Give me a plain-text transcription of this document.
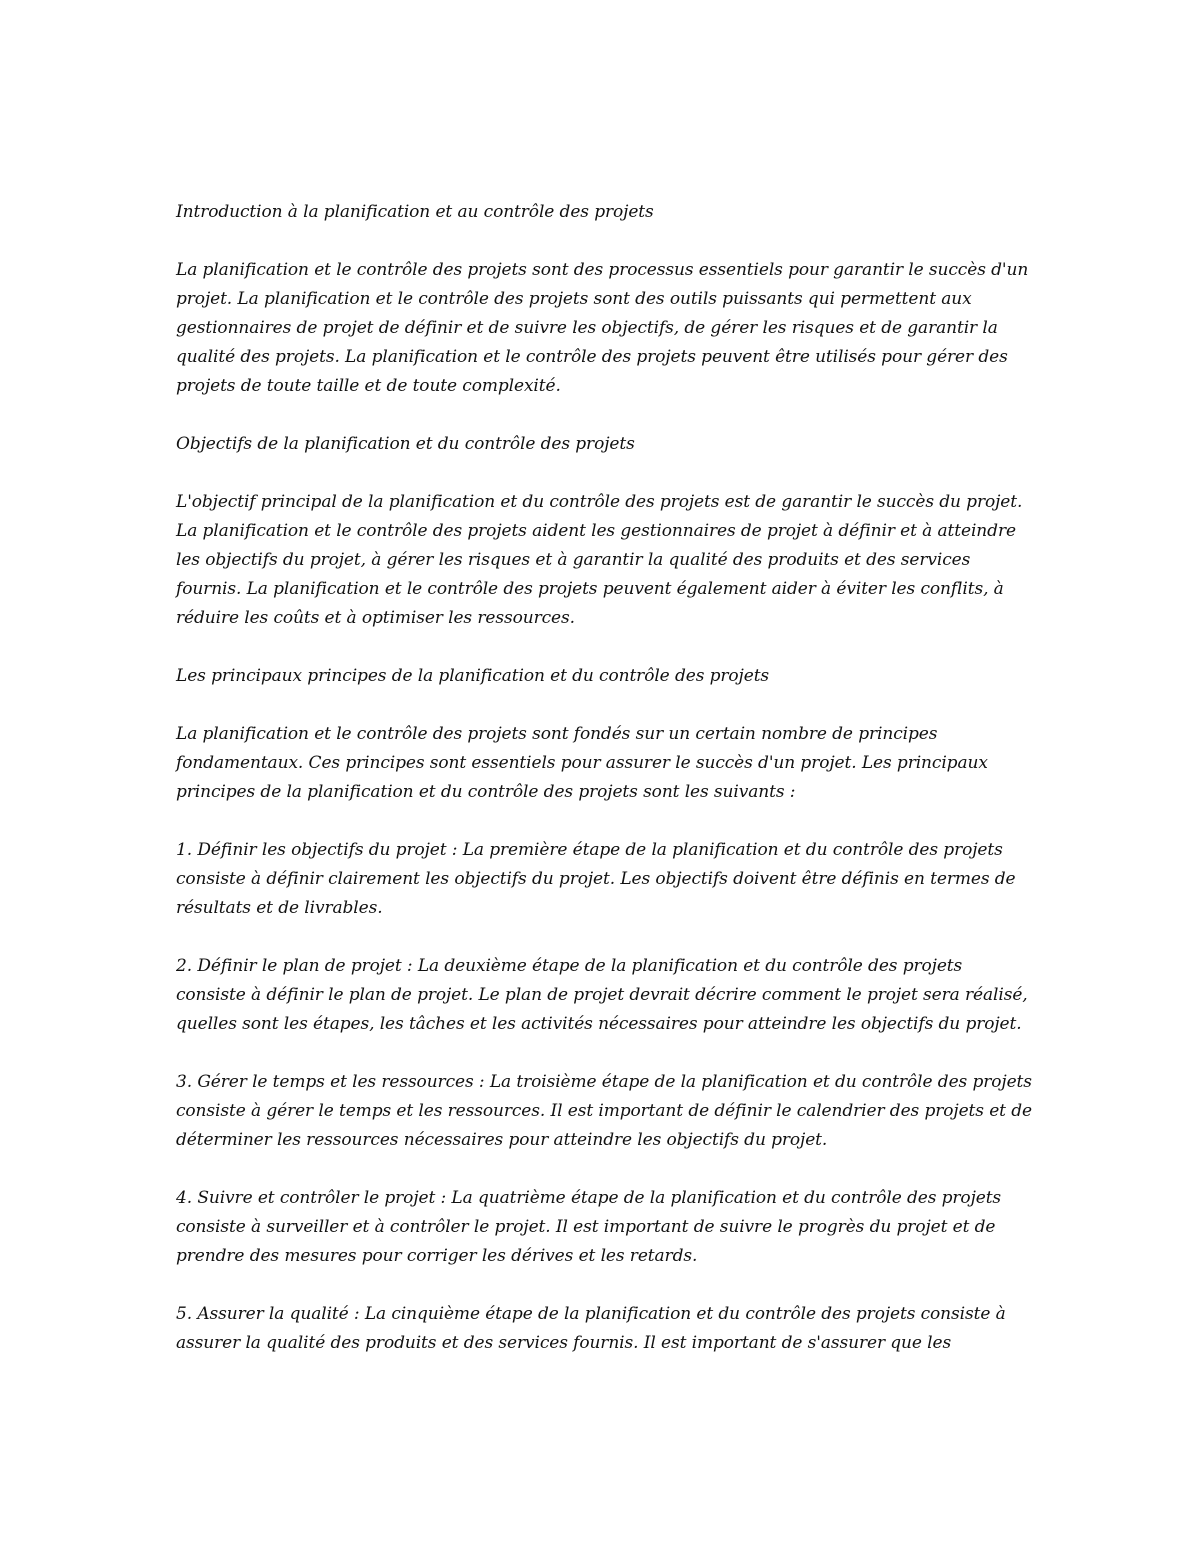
Introduction à la planification et au contrôle des projets

La planification et le contrôle des projets sont des processus essentiels pour garantir le succès d'un projet. La planification et le contrôle des projets sont des outils puissants qui permettent aux gestionnaires de projet de définir et de suivre les objectifs, de gérer les risques et de garantir la qualité des projets. La planification et le contrôle des projets peuvent être utilisés pour gérer des projets de toute taille et de toute complexité.

Objectifs de la planification et du contrôle des projets

L'objectif principal de la planification et du contrôle des projets est de garantir le succès du projet. La planification et le contrôle des projets aident les gestionnaires de projet à définir et à atteindre les objectifs du projet, à gérer les risques et à garantir la qualité des produits et des services fournis. La planification et le contrôle des projets peuvent également aider à éviter les conflits, à réduire les coûts et à optimiser les ressources.

Les principaux principes de la planification et du contrôle des projets

La planification et le contrôle des projets sont fondés sur un certain nombre de principes fondamentaux. Ces principes sont essentiels pour assurer le succès d'un projet. Les principaux principes de la planification et du contrôle des projets sont les suivants :

1. Définir les objectifs du projet : La première étape de la planification et du contrôle des projets consiste à définir clairement les objectifs du projet. Les objectifs doivent être définis en termes de résultats et de livrables.

2. Définir le plan de projet : La deuxième étape de la planification et du contrôle des projets consiste à définir le plan de projet. Le plan de projet devrait décrire comment le projet sera réalisé, quelles sont les étapes, les tâches et les activités nécessaires pour atteindre les objectifs du projet.

3. Gérer le temps et les ressources : La troisième étape de la planification et du contrôle des projets consiste à gérer le temps et les ressources. Il est important de définir le calendrier des projets et de déterminer les ressources nécessaires pour atteindre les objectifs du projet.

4. Suivre et contrôler le projet : La quatrième étape de la planification et du contrôle des projets consiste à surveiller et à contrôler le projet. Il est important de suivre le progrès du projet et de prendre des mesures pour corriger les dérives et les retards.

5. Assurer la qualité : La cinquième étape de la planification et du contrôle des projets consiste à assurer la qualité des produits et des services fournis. Il est important de s'assurer que les
